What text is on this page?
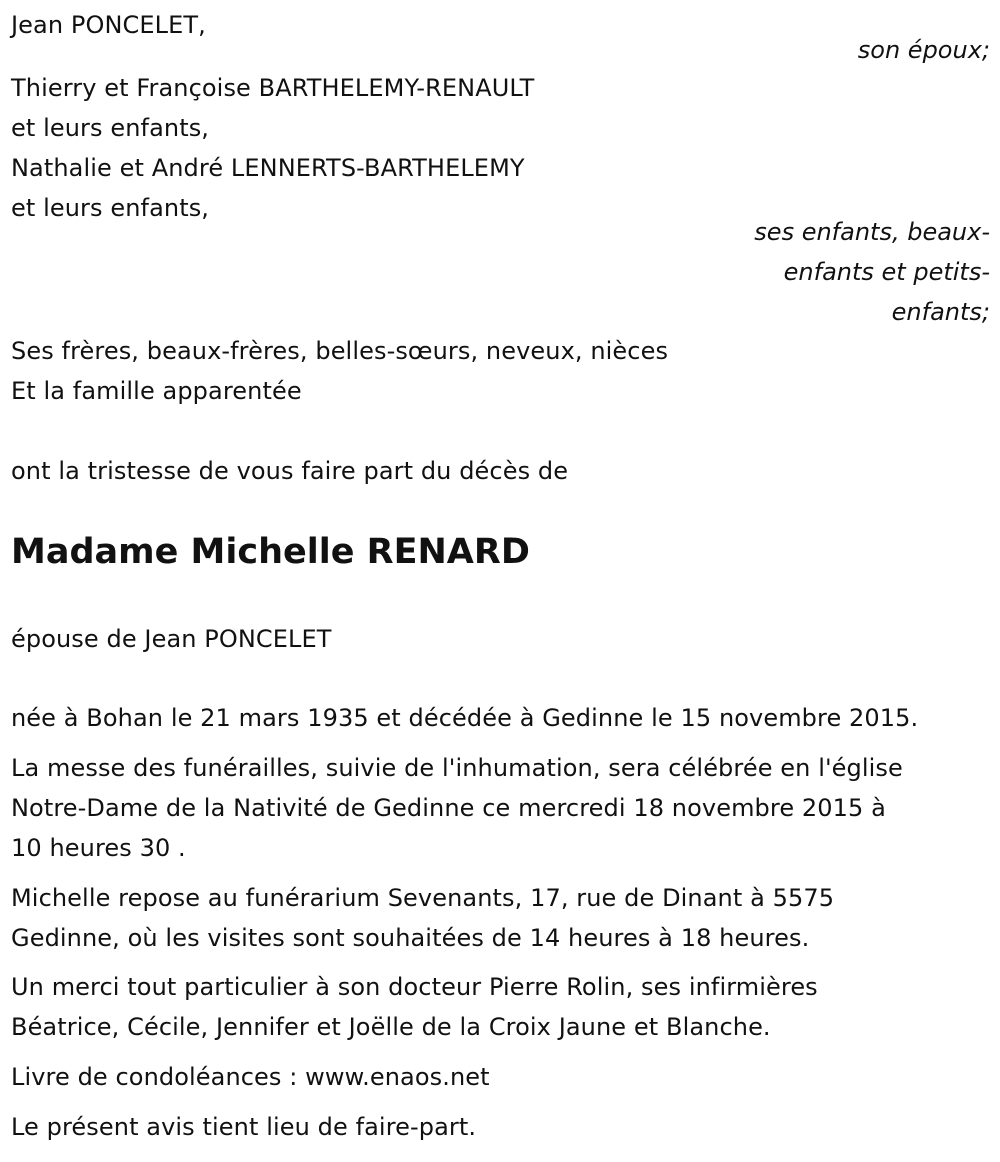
Jean PONCELET,
son époux;
Thierry et Françoise BARTHELEMY-RENAULT
et leurs enfants,
Nathalie et André LENNERTS-BARTHELEMY
et leurs enfants,
ses enfants, beaux-
enfants et petits-
enfants;
Ses frères, beaux-frères, belles-sœurs, neveux, nièces
Et la famille apparentée
ont la tristesse de vous faire part du décès de
Madame Michelle RENARD
épouse de Jean PONCELET
née à Bohan le 21 mars 1935 et décédée à Gedinne le 15 novembre 2015.
La messe des funérailles, suivie de l'inhumation, sera célébrée en l'église
Notre-Dame de la Nativité de Gedinne ce mercredi 18 novembre 2015 à
10 heures 30 .
Michelle repose au funérarium Sevenants, 17, rue de Dinant à 5575
Gedinne, où les visites sont souhaitées de 14 heures à 18 heures.
Un merci tout particulier à son docteur Pierre Rolin, ses infirmières
Béatrice, Cécile, Jennifer et Joëlle de la Croix Jaune et Blanche.
Livre de condoléances : www.enaos.net
Le présent avis tient lieu de faire-part.
